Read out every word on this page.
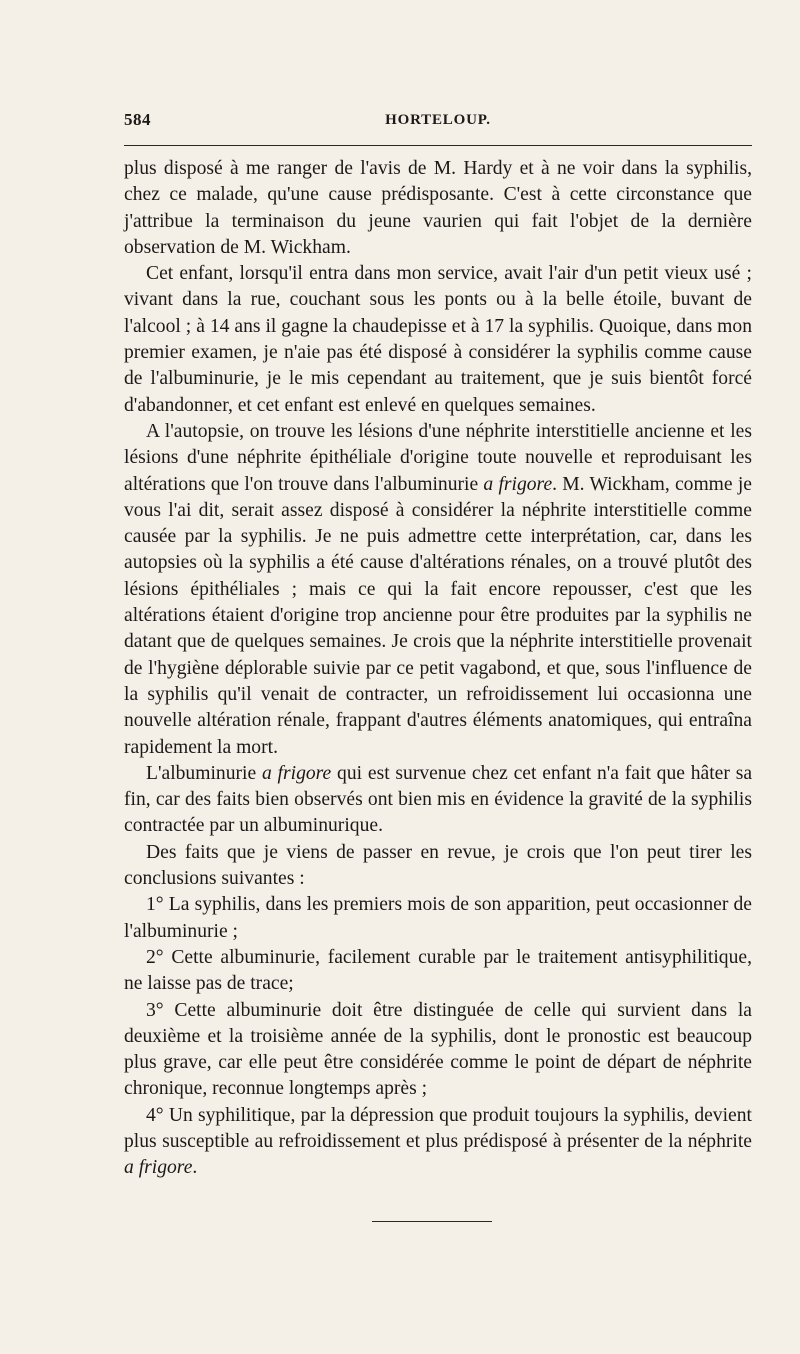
584	HORTELOUP.

plus disposé à me ranger de l'avis de M. Hardy et à ne voir dans la syphilis, chez ce malade, qu'une cause prédisposante. C'est à cette circonstance que j'attribue la terminaison du jeune vaurien qui fait l'objet de la dernière observation de M. Wickham.

Cet enfant, lorsqu'il entra dans mon service, avait l'air d'un petit vieux usé ; vivant dans la rue, couchant sous les ponts ou à la belle étoile, buvant de l'alcool ; à 14 ans il gagne la chaudepisse et à 17 la syphilis. Quoique, dans mon premier examen, je n'aie pas été disposé à considérer la syphilis comme cause de l'albuminurie, je le mis cependant au traitement, que je suis bientôt forcé d'abandonner, et cet enfant est enlevé en quelques semaines.

A l'autopsie, on trouve les lésions d'une néphrite interstitielle ancienne et les lésions d'une néphrite épithéliale d'origine toute nouvelle et reproduisant les altérations que l'on trouve dans l'albuminurie a frigore. M. Wickham, comme je vous l'ai dit, serait assez disposé à considérer la néphrite interstitielle comme causée par la syphilis. Je ne puis admettre cette interprétation, car, dans les autopsies où la syphilis a été cause d'altérations rénales, on a trouvé plutôt des lésions épithéliales ; mais ce qui la fait encore repousser, c'est que les altérations étaient d'origine trop ancienne pour être produites par la syphilis ne datant que de quelques semaines. Je crois que la néphrite interstitielle provenait de l'hygiène déplorable suivie par ce petit vagabond, et que, sous l'influence de la syphilis qu'il venait de contracter, un refroidissement lui occasionna une nouvelle altération rénale, frappant d'autres éléments anatomiques, qui entraîna rapidement la mort.

L'albuminurie a frigore qui est survenue chez cet enfant n'a fait que hâter sa fin, car des faits bien observés ont bien mis en évidence la gravité de la syphilis contractée par un albuminurique.

Des faits que je viens de passer en revue, je crois que l'on peut tirer les conclusions suivantes :

1° La syphilis, dans les premiers mois de son apparition, peut occasionner de l'albuminurie ;

2° Cette albuminurie, facilement curable par le traitement antisyphilitique, ne laisse pas de trace;

3° Cette albuminurie doit être distinguée de celle qui survient dans la deuxième et la troisième année de la syphilis, dont le pronostic est beaucoup plus grave, car elle peut être considérée comme le point de départ de néphrite chronique, reconnue longtemps après ;

4° Un syphilitique, par la dépression que produit toujours la syphilis, devient plus susceptible au refroidissement et plus prédisposé à présenter de la néphrite a frigore.
